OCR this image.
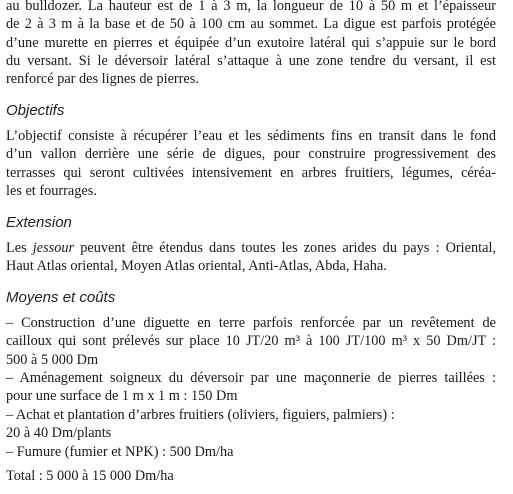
au bulldozer. La hauteur est de 1 à 3 m, la longueur de 10 à 50 m et l’épaisseur
de 2 à 3 m à la base et de 50 à 100 cm au sommet. La digue est parfois protégée
d’une murette en pierres et équipée d’un exutoire latéral qui s’appuie sur le bord
du versant. Si le déversoir latéral s’attaque à une zone tendre du versant, il est
renforcé par des lignes de pierres.
Objectifs
L’objectif consiste à récupérer l’eau et les sédiments fins en transit dans le fond
d’un vallon derrière une série de digues, pour construire progressivement des
terrasses qui seront cultivées intensivement en arbres fruitiers, légumes, céréa-
les et fourrages.
Extension
Les jessour peuvent être étendus dans toutes les zones arides du pays : Oriental,
Haut Atlas oriental, Moyen Atlas oriental, Anti-Atlas, Abda, Haha.
Moyens et coûts
– Construction d’une diguette en terre parfois renforcée par un revêtement de
cailloux qui sont prélevés sur place 10 JT/20 m³ à 100 JT/100 m³ x 50 Dm/JT :
500 à 5 000 Dm
– Aménagement soigneux du déversoir par une maçonnerie de pierres taillées :
pour une surface de 1 m x 1 m : 150 Dm
– Achat et plantation d’arbres fruitiers (oliviers, figuiers, palmiers) :
20 à 40 Dm/plants
– Fumure (fumier et NPK) : 500 Dm/ha
Total : 5 000 à 15 000 Dm/ha
